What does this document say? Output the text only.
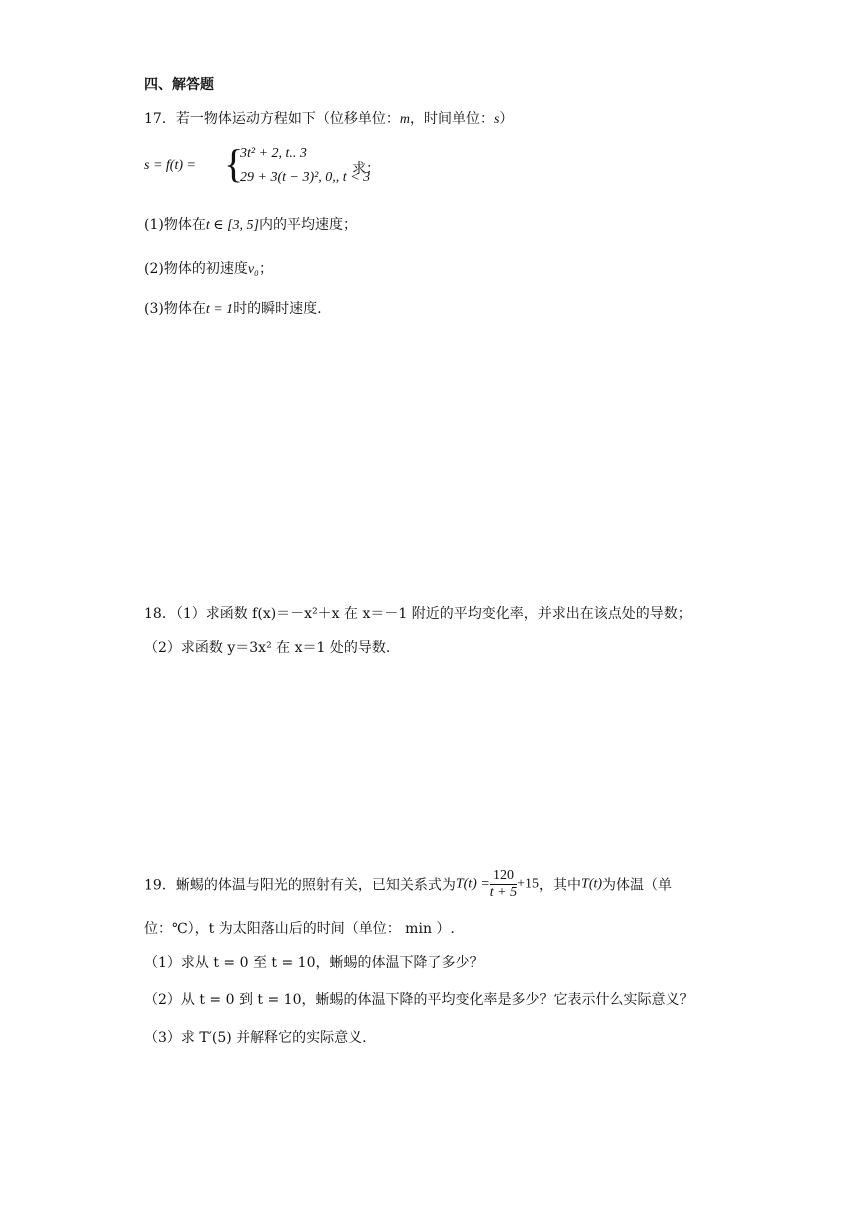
四、解答题
17．若一物体运动方程如下（位移单位：m，时间单位：s）
s = f(t) = {
3t² + 2, t.. 3
29 + 3(t − 3)², 0,, t < 3
求：
(1)物体在t ∈ [3, 5]内的平均速度；
(2)物体的初速度v₀；
(3)物体在t = 1时的瞬时速度.
18．（1）求函数 f(x)＝－x²＋x 在 x＝－1 附近的平均变化率，并求出在该点处的导数；
（2）求函数 y＝3x² 在 x＝1 处的导数.
19．蜥蜴的体温与阳光的照射有关，已知关系式为$T(t) = \frac{120}{t + 5} +15$，其中T(t)为体温（单
位：℃），t 为太阳落山后的时间（单位： min ）.
（1）求从 t = 0 至 t = 10，蜥蜴的体温下降了多少？
（2）从 t = 0 到 t = 10，蜥蜴的体温下降的平均变化率是多少？它表示什么实际意义？
（3）求 T′(5) 并解释它的实际意义.
